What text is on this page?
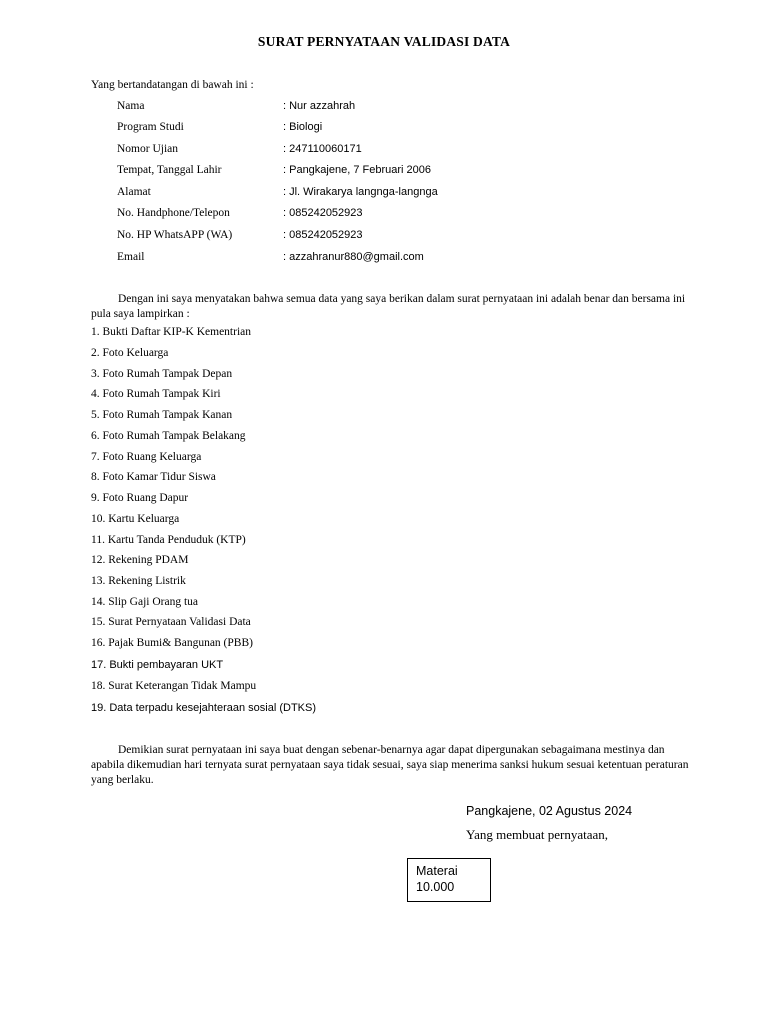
SURAT PERNYATAAN VALIDASI DATA
Yang bertandatangan di bawah ini :
Nama	: Nur azzahrah
Program Studi	: Biologi
Nomor Ujian	: 247110060171
Tempat, Tanggal Lahir	: Pangkajene, 7 Februari 2006
Alamat	: Jl. Wirakarya langnga-langnga
No. Handphone/Telepon	: 085242052923
No. HP WhatsAPP (WA)	: 085242052923
Email	: azzahranur880@gmail.com

Dengan ini saya menyatakan bahwa semua data yang saya berikan dalam surat pernyataan ini adalah benar dan bersama ini pula saya lampirkan :

1. Bukti Daftar KIP-K Kementrian
2. Foto Keluarga
3. Foto Rumah Tampak Depan
4. Foto Rumah Tampak Kiri
5. Foto Rumah Tampak Kanan
6. Foto Rumah Tampak Belakang
7. Foto Ruang Keluarga
8. Foto Kamar Tidur Siswa
9. Foto Ruang Dapur
10. Kartu Keluarga
11. Kartu Tanda Penduduk (KTP)
12. Rekening PDAM
13. Rekening Listrik
14. Slip Gaji Orang tua
15. Surat Pernyataan Validasi Data
16. Pajak Bumi& Bangunan (PBB)
17. Bukti pembayaran UKT
18. Surat Keterangan Tidak Mampu
19. Data terpadu kesejahteraan sosial (DTKS)

Demikian surat pernyataan ini saya buat dengan sebenar-benarnya agar dapat dipergunakan sebagaimana mestinya dan apabila dikemudian hari ternyata surat pernyataan saya tidak sesuai, saya siap menerima sanksi hukum sesuai ketentuan peraturan yang berlaku.

Pangkajene, 02 Agustus 2024
Yang membuat pernyataan,
Materai
10.000
